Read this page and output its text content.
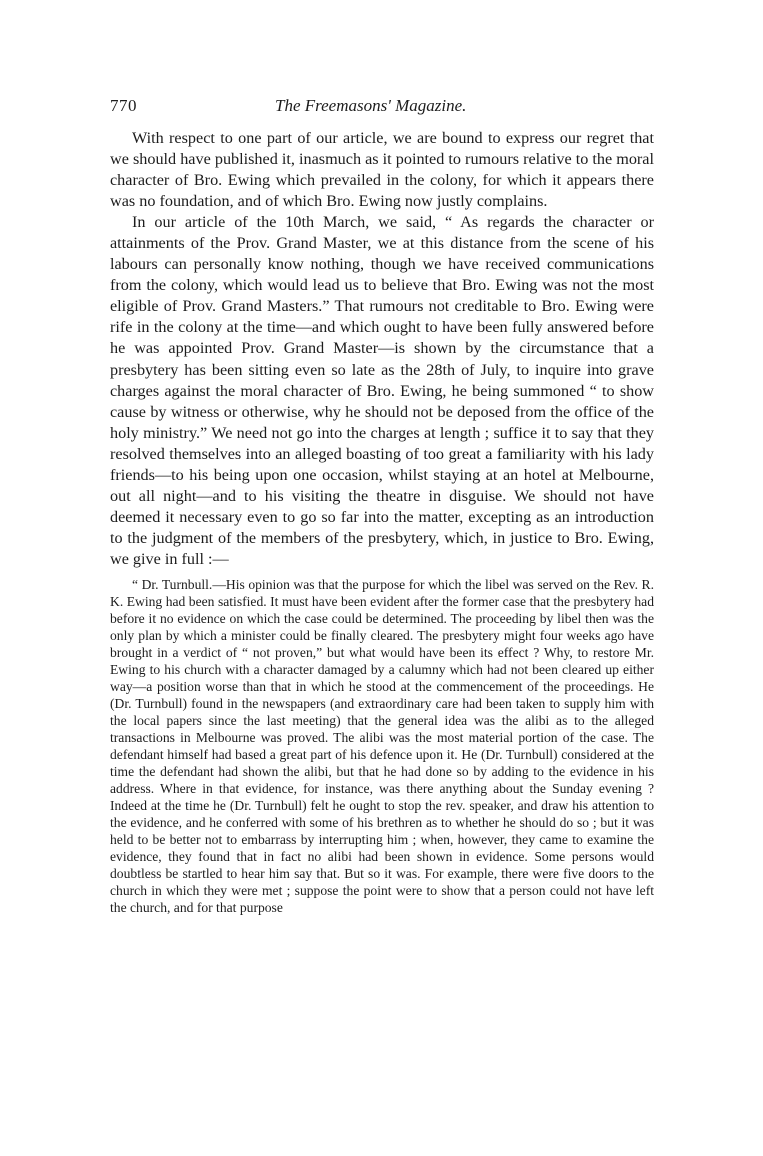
770	The Freemasons' Magazine.

With respect to one part of our article, we are bound to express our regret that we should have published it, inasmuch as it pointed to rumours relative to the moral character of Bro. Ewing which prevailed in the colony, for which it appears there was no foundation, and of which Bro. Ewing now justly complains.

In our article of the 10th March, we said, “ As regards the character or attainments of the Prov. Grand Master, we at this distance from the scene of his labours can personally know nothing, though we have received communications from the colony, which would lead us to believe that Bro. Ewing was not the most eligible of Prov. Grand Masters.” That rumours not creditable to Bro. Ewing were rife in the colony at the time—and which ought to have been fully answered before he was appointed Prov. Grand Master—is shown by the circumstance that a presbytery has been sitting even so late as the 28th of July, to inquire into grave charges against the moral character of Bro. Ewing, he being summoned “ to show cause by witness or otherwise, why he should not be deposed from the office of the holy ministry.” We need not go into the charges at length ; suffice it to say that they resolved themselves into an alleged boasting of too great a familiarity with his lady friends—to his being upon one occasion, whilst staying at an hotel at Melbourne, out all night—and to his visiting the theatre in disguise. We should not have deemed it necessary even to go so far into the matter, excepting as an introduction to the judgment of the members of the presbytery, which, in justice to Bro. Ewing, we give in full :—

“ Dr. Turnbull.—His opinion was that the purpose for which the libel was served on the Rev. R. K. Ewing had been satisfied. It must have been evident after the former case that the presbytery had before it no evidence on which the case could be determined. The proceeding by libel then was the only plan by which a minister could be finally cleared. The presbytery might four weeks ago have brought in a verdict of “ not proven,” but what would have been its effect ? Why, to restore Mr. Ewing to his church with a character damaged by a calumny which had not been cleared up either way—a position worse than that in which he stood at the commencement of the proceedings. He (Dr. Turnbull) found in the newspapers (and extraordinary care had been taken to supply him with the local papers since the last meeting) that the general idea was the alibi as to the alleged transactions in Melbourne was proved. The alibi was the most material portion of the case. The defendant himself had based a great part of his defence upon it. He (Dr. Turnbull) considered at the time the defendant had shown the alibi, but that he had done so by adding to the evidence in his address. Where in that evidence, for instance, was there anything about the Sunday evening ? Indeed at the time he (Dr. Turnbull) felt he ought to stop the rev. speaker, and draw his attention to the evidence, and he conferred with some of his brethren as to whether he should do so ; but it was held to be better not to embarrass by interrupting him ; when, however, they came to examine the evidence, they found that in fact no alibi had been shown in evidence. Some persons would doubtless be startled to hear him say that. But so it was. For example, there were five doors to the church in which they were met ; suppose the point were to show that a person could not have left the church, and for that purpose
